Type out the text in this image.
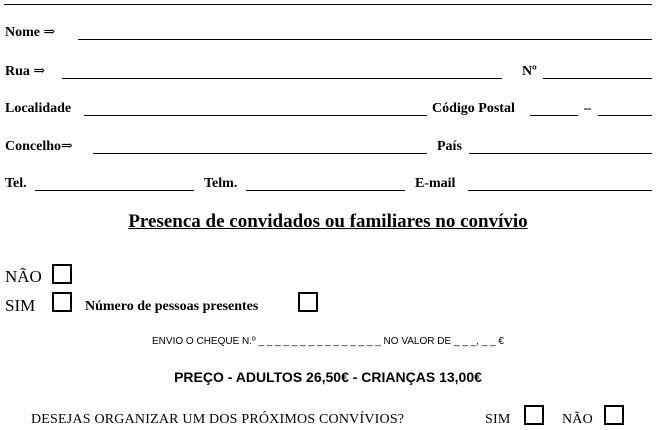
Nome ⇒
Rua ⇒	Nº
Localidade	Código Postal	–
Concelho⇒	País
Tel.	Telm.	E-mail
Presenca de convidados ou familiares no convívio
NÃO
SIM	Número de pessoas presentes
ENVIO O CHEQUE N.º _ _ _ _ _ _ _ _ _ _ _ _ _ _ _ NO VALOR DE _ _ _, _ _ €
PREÇO - ADULTOS 26,50€ - CRIANÇAS 13,00€
DESEJAS ORGANIZAR UM DOS PRÓXIMOS CONVÍVIOS?	SIM	NÃO
